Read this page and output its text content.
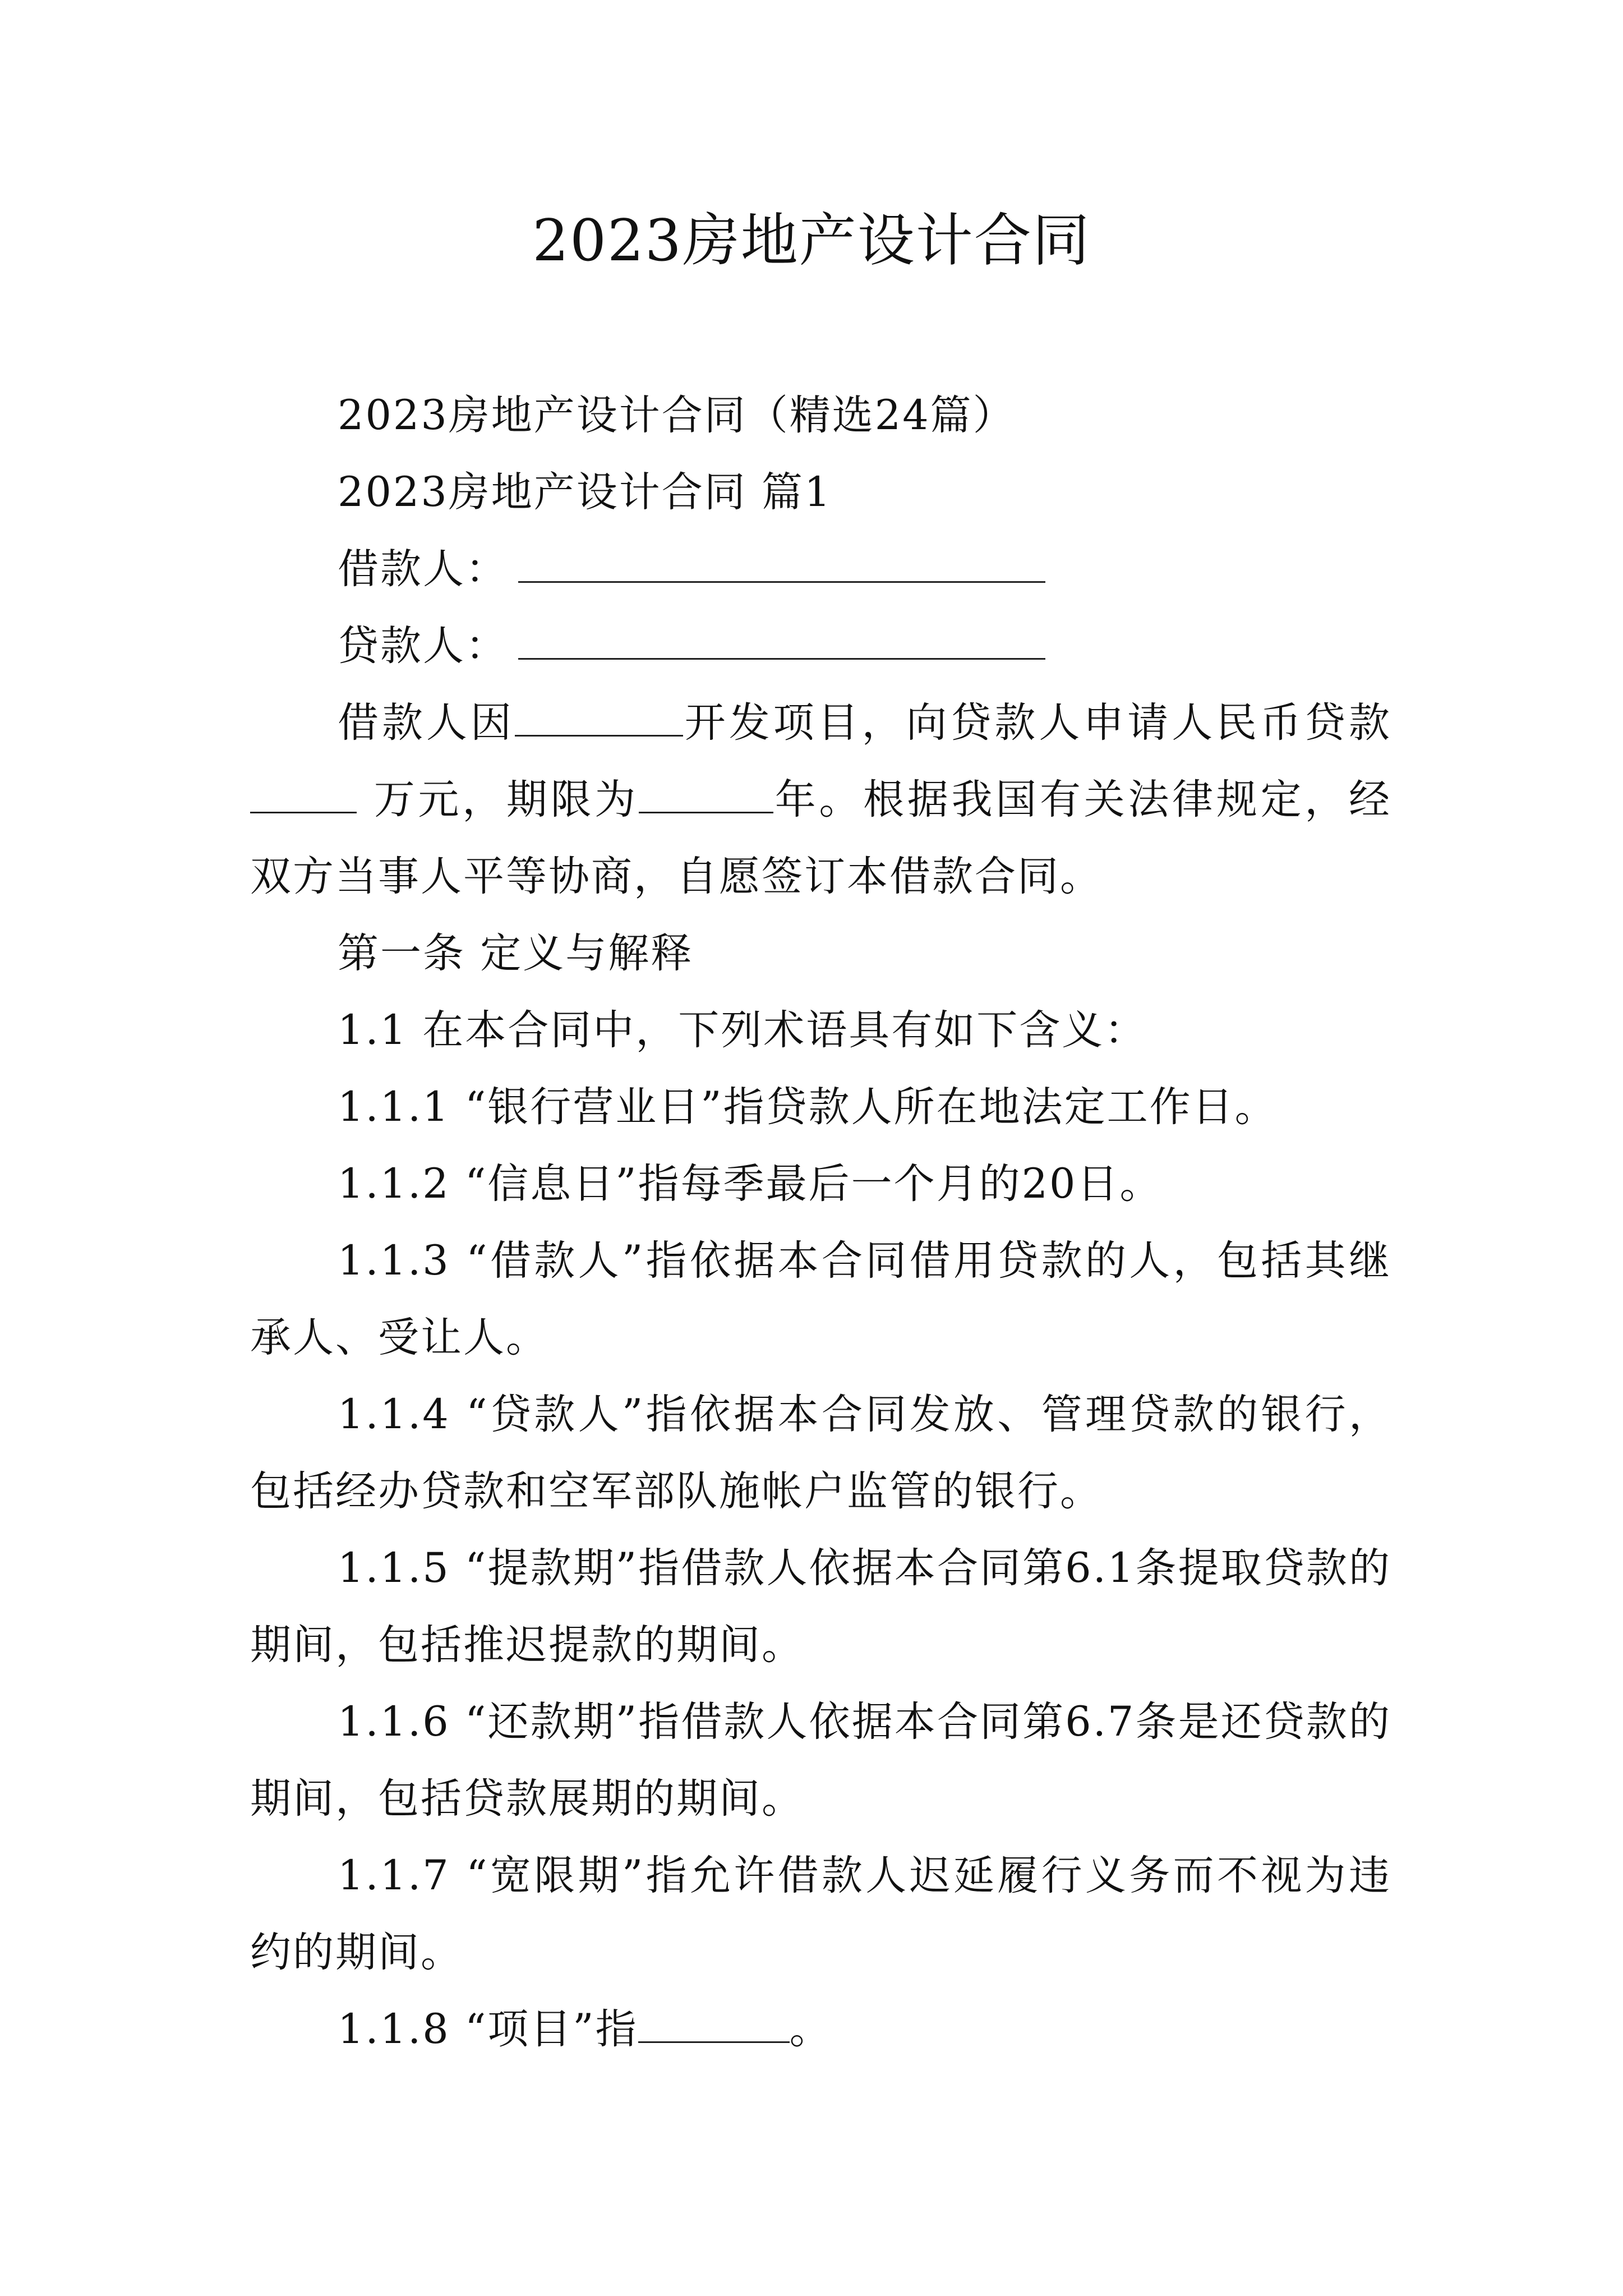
2023房地产设计合同

2023房地产设计合同（精选24篇）

2023房地产设计合同 篇1

借款人：

贷款人：

借款人因	开发项目，向贷款人申请人民币贷款万元，期限为	年。根据我国有关法律规定，经双方当事人平等协商，自愿签订本借款合同。

第一条 定义与解释

1.1 在本合同中，下列术语具有如下含义：

1.1.1 “银行营业日”指贷款人所在地法定工作日。

1.1.2 “信息日”指每季最后一个月的20日。

1.1.3 “借款人”指依据本合同借用贷款的人，包括其继承人、受让人。

1.1.4 “贷款人”指依据本合同发放、管理贷款的银行，包括经办贷款和空军部队施帐户监管的银行。

1.1.5 “提款期”指借款人依据本合同第6.1条提取贷款的期间，包括推迟提款的期间。

1.1.6 “还款期”指借款人依据本合同第6.7条是还贷款的期间，包括贷款展期的期间。

1.1.7 “宽限期”指允许借款人迟延履行义务而不视为违约的期间。

1.1.8 “项目”指	。
